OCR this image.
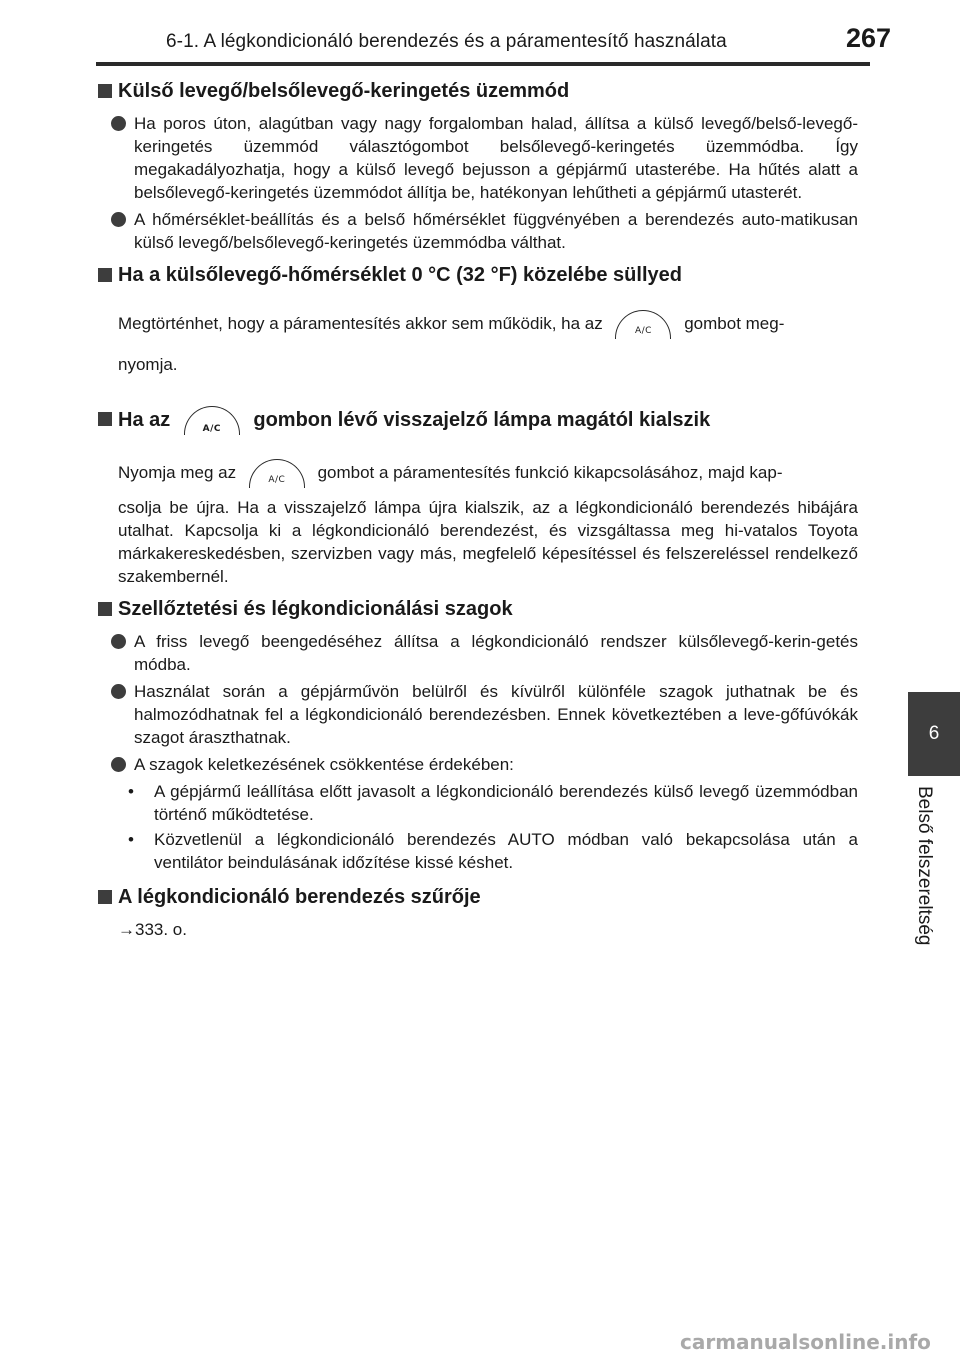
6-1. A légkondicionáló berendezés és a páramentesítő használata	267
6
Belső felszereltség
Külső levegő/belsőlevegő-keringetés üzemmód
Ha poros úton, alagútban vagy nagy forgalomban halad, állítsa a külső levegő/belső-levegő-keringetés üzemmód választógombot belsőlevegő-keringetés üzemmódba. Így megakadályozhatja, hogy a külső levegő bejusson a gépjármű utasterébe. Ha hűtés alatt a belsőlevegő-keringetés üzemmódot állítja be, hatékonyan lehűtheti a gépjármű utasterét.
A hőmérséklet-beállítás és a belső hőmérséklet függvényében a berendezés auto-matikusan külső levegő/belsőlevegő-keringetés üzemmódba válthat.
Ha a külsőlevegő-hőmérséklet 0 °C (32 °F) közelébe süllyed
Megtörténhet, hogy a páramentesítés akkor sem működik, ha az	A/C	gombot meg-
nyomja.
Ha az	A/C	gombon lévő visszajelző lámpa magától kialszik
Nyomja meg az	A/C	gombot a páramentesítés funkció kikapcsolásához, majd kap-
csolja be újra. Ha a visszajelző lámpa újra kialszik, az a légkondicionáló berendezés hibájára utalhat. Kapcsolja ki a légkondicionáló berendezést, és vizsgáltassa meg hi-vatalos Toyota márkakereskedésben, szervizben vagy más, megfelelő képesítéssel és felszereléssel rendelkező szakembernél.
Szellőztetési és légkondicionálási szagok
A friss levegő beengedéséhez állítsa a légkondicionáló rendszer külsőlevegő-kerin-getés módba.
Használat során a gépjárművön belülről és kívülről különféle szagok juthatnak be és halmozódhatnak fel a légkondicionáló berendezésben. Ennek következtében a leve-gőfúvókák szagot áraszthatnak.
A szagok keletkezésének csökkentése érdekében:
• A gépjármű leállítása előtt javasolt a légkondicionáló berendezés külső levegő üzemmódban történő működtetése.
• Közvetlenül a légkondicionáló berendezés AUTO módban való bekapcsolása után a ventilátor beindulásának időzítése kissé késhet.
A légkondicionáló berendezés szűrője
→333. o.
carmanualsonline.info
